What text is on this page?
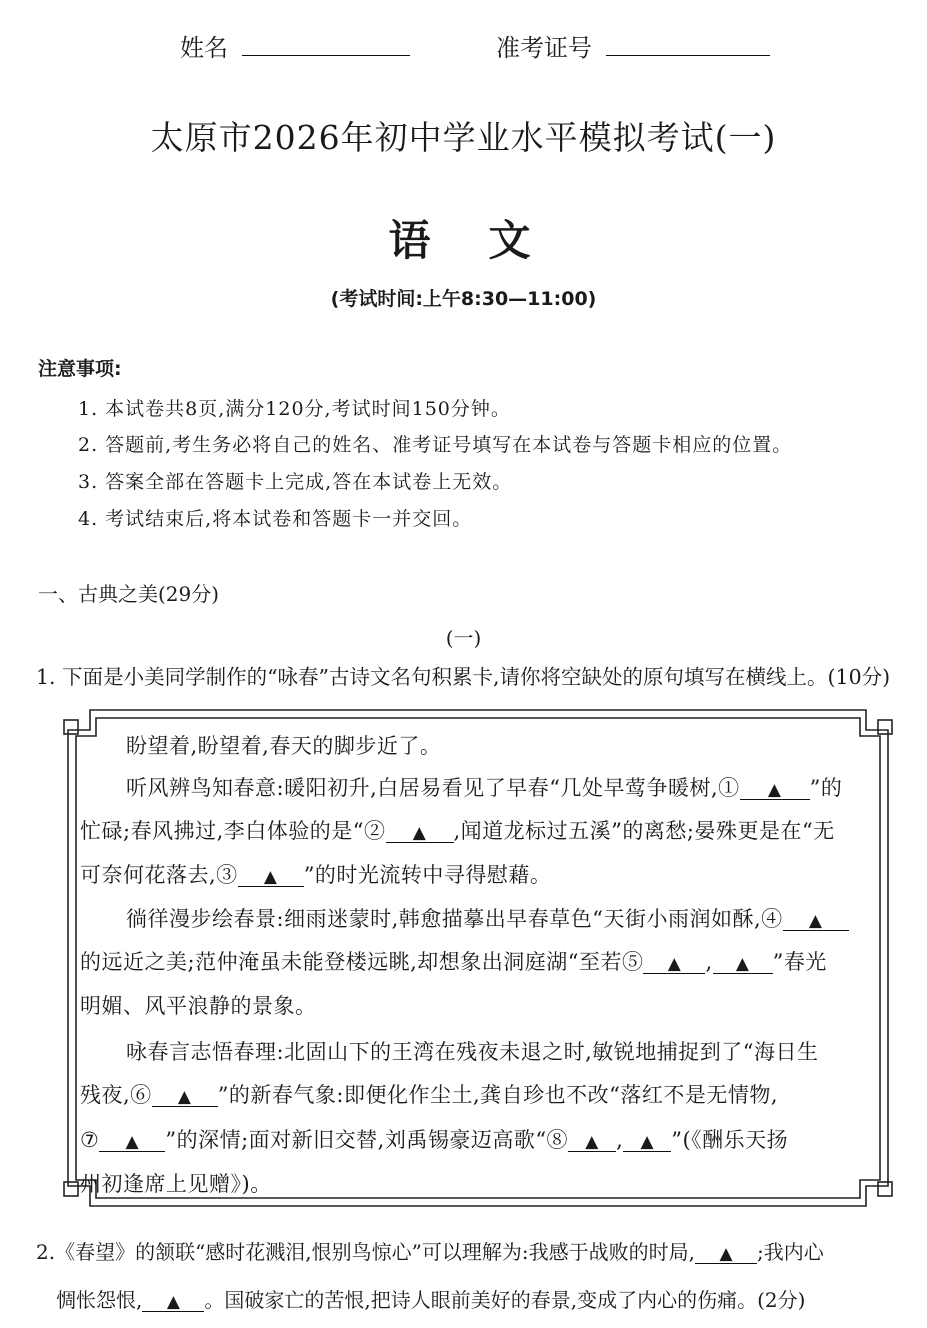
姓名	准考证号
太原市2026年初中学业水平模拟考试(一)
语　文
(考试时间:上午8:30—11:00)
注意事项:
1. 本试卷共8页,满分120分,考试时间150分钟。
2. 答题前,考生务必将自己的姓名、准考证号填写在本试卷与答题卡相应的位置。
3. 答案全部在答题卡上完成,答在本试卷上无效。
4. 考试结束后,将本试卷和答题卡一并交回。
一、古典之美(29分)
(一)
1. 下面是小美同学制作的“咏春”古诗文名句积累卡,请你将空缺处的原句填写在横线上。(10分)
盼望着,盼望着,春天的脚步近了。
听风辨鸟知春意:暖阳初升,白居易看见了早春“几处早莺争暖树,① ▲ ”的
忙碌;春风拂过,李白体验的是“② ▲ ,闻道龙标过五溪”的离愁;晏殊更是在“无
可奈何花落去,③ ▲ ”的时光流转中寻得慰藉。
徜徉漫步绘春景:细雨迷蒙时,韩愈描摹出早春草色“天街小雨润如酥,④ ▲
的远近之美;范仲淹虽未能登楼远眺,却想象出洞庭湖“至若⑤ ▲ , ▲ ”春光
明媚、风平浪静的景象。
咏春言志悟春理:北固山下的王湾在残夜未退之时,敏锐地捕捉到了“海日生
残夜,⑥ ▲ ”的新春气象:即便化作尘土,龚自珍也不改“落红不是无情物,
⑦ ▲ ”的深情;面对新旧交替,刘禹锡豪迈高歌“⑧ ▲ , ▲ ”(《酬乐天扬
州初逢席上见赠》)。
2.《春望》的颔联“感时花溅泪,恨别鸟惊心”可以理解为:我感于战败的时局, ▲ ;我内心
惆怅怨恨, ▲ 。国破家亡的苦恨,把诗人眼前美好的春景,变成了内心的伤痛。(2分)
